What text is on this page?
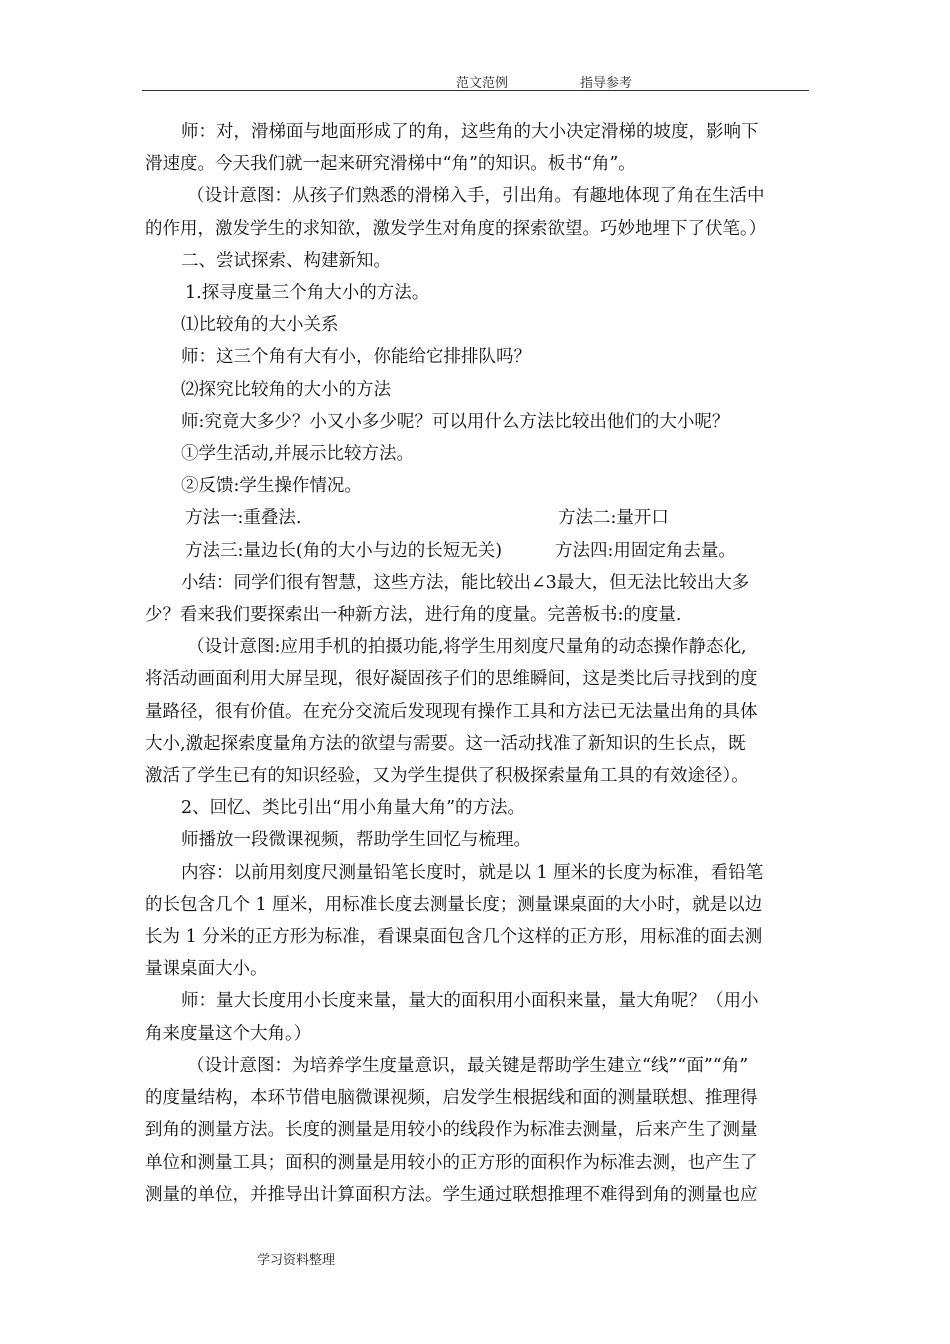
范文范例	指导参考

师：对，滑梯面与地面形成了的角，这些角的大小决定滑梯的坡度，影响下

滑速度。今天我们就一起来研究滑梯中“角”的知识。板书“角”。

（设计意图：从孩子们熟悉的滑梯入手，引出角。有趣地体现了角在生活中

的作用，激发学生的求知欲，激发学生对角度的探索欲望。巧妙地埋下了伏笔。）

二、尝试探索、构建新知。

1.探寻度量三个角大小的方法。

⑴比较角的大小关系

师：这三个角有大有小，你能给它排排队吗？

⑵探究比较角的大小的方法

师:究竟大多少？小又小多少呢？可以用什么方法比较出他们的大小呢？

①学生活动,并展示比较方法。

②反馈:学生操作情况。

方法一:重叠法.	方法二:量开口
方法三:量边长(角的大小与边的长短无关)	方法四:用固定角去量。

小结：同学们很有智慧，这些方法，能比较出∠3最大，但无法比较出大多

少？看来我们要探索出一种新方法，进行角的度量。完善板书:的度量.

（设计意图:应用手机的拍摄功能,将学生用刻度尺量角的动态操作静态化,

将活动画面利用大屏呈现，很好凝固孩子们的思维瞬间，这是类比后寻找到的度

量路径，很有价值。在充分交流后发现现有操作工具和方法已无法量出角的具体

大小,激起探索度量角方法的欲望与需要。这一活动找准了新知识的生长点，既

激活了学生已有的知识经验，又为学生提供了积极探索量角工具的有效途径）。

2、回忆、类比引出“用小角量大角”的方法。

师播放一段微课视频，帮助学生回忆与梳理。

内容：以前用刻度尺测量铅笔长度时，就是以 1 厘米的长度为标准，看铅笔

的长包含几个 1 厘米，用标准长度去测量长度；测量课桌面的大小时，就是以边

长为 1 分米的正方形为标准，看课桌面包含几个这样的正方形，用标准的面去测

量课桌面大小。

师：量大长度用小长度来量，量大的面积用小面积来量，量大角呢？（用小

角来度量这个大角。）

（设计意图：为培养学生度量意识，最关键是帮助学生建立“线”“面”“角”

的度量结构，本环节借电脑微课视频，启发学生根据线和面的测量联想、推理得

到角的测量方法。长度的测量是用较小的线段作为标准去测量，后来产生了测量

单位和测量工具；面积的测量是用较小的正方形的面积作为标准去测，也产生了

测量的单位，并推导出计算面积方法。学生通过联想推理不难得到角的测量也应

学习资料整理
